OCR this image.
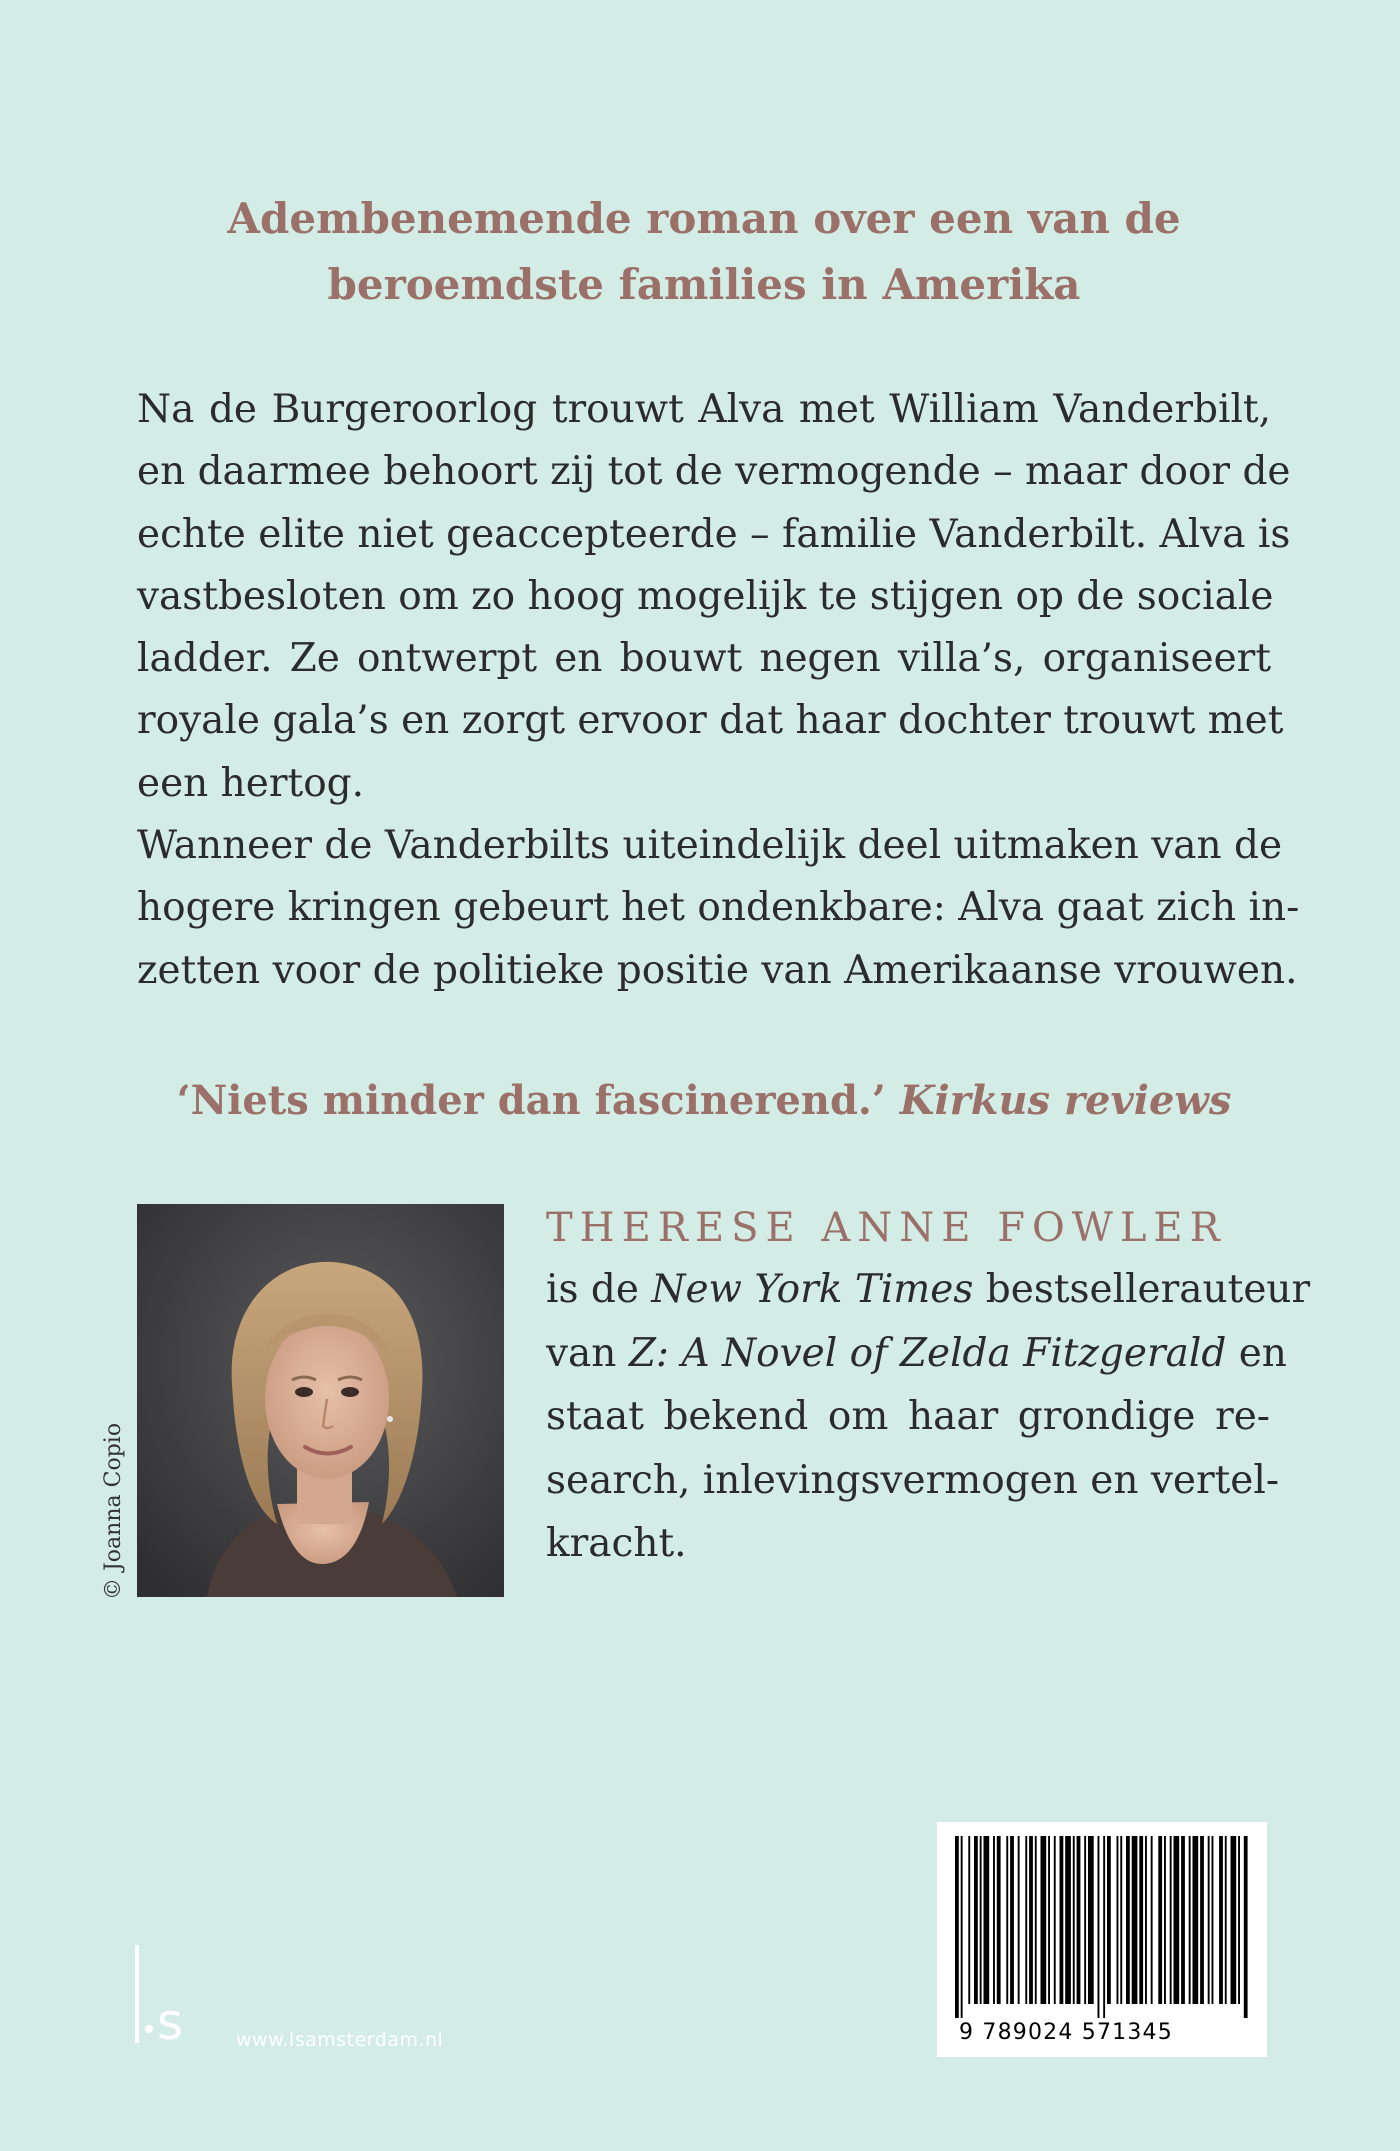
Adembenemende roman over een van de
beroemdste families in Amerika
Na de Burgeroorlog trouwt Alva met William Vanderbilt,
en daarmee behoort zij tot de vermogende – maar door de
echte elite niet geaccepteerde – familie Vanderbilt. Alva is
vastbesloten om zo hoog mogelijk te stijgen op de sociale
ladder. Ze ontwerpt en bouwt negen villa’s, organiseert
royale gala’s en zorgt ervoor dat haar dochter trouwt met
een hertog.
Wanneer de Vanderbilts uiteindelijk deel uitmaken van de
hogere kringen gebeurt het ondenkbare: Alva gaat zich in-
zetten voor de politieke positie van Amerikaanse vrouwen.
‘Niets minder dan fascinerend.’ Kirkus reviews
© Joanna Copio
THERESE ANNE FOWLER
is de New York Times bestsellerauteur
van Z: A Novel of Zelda Fitzgerald en
staat bekend om haar grondige re-
search, inlevingsvermogen en vertel-
kracht.
9 789024 571345
s	www.lsamsterdam.nl
